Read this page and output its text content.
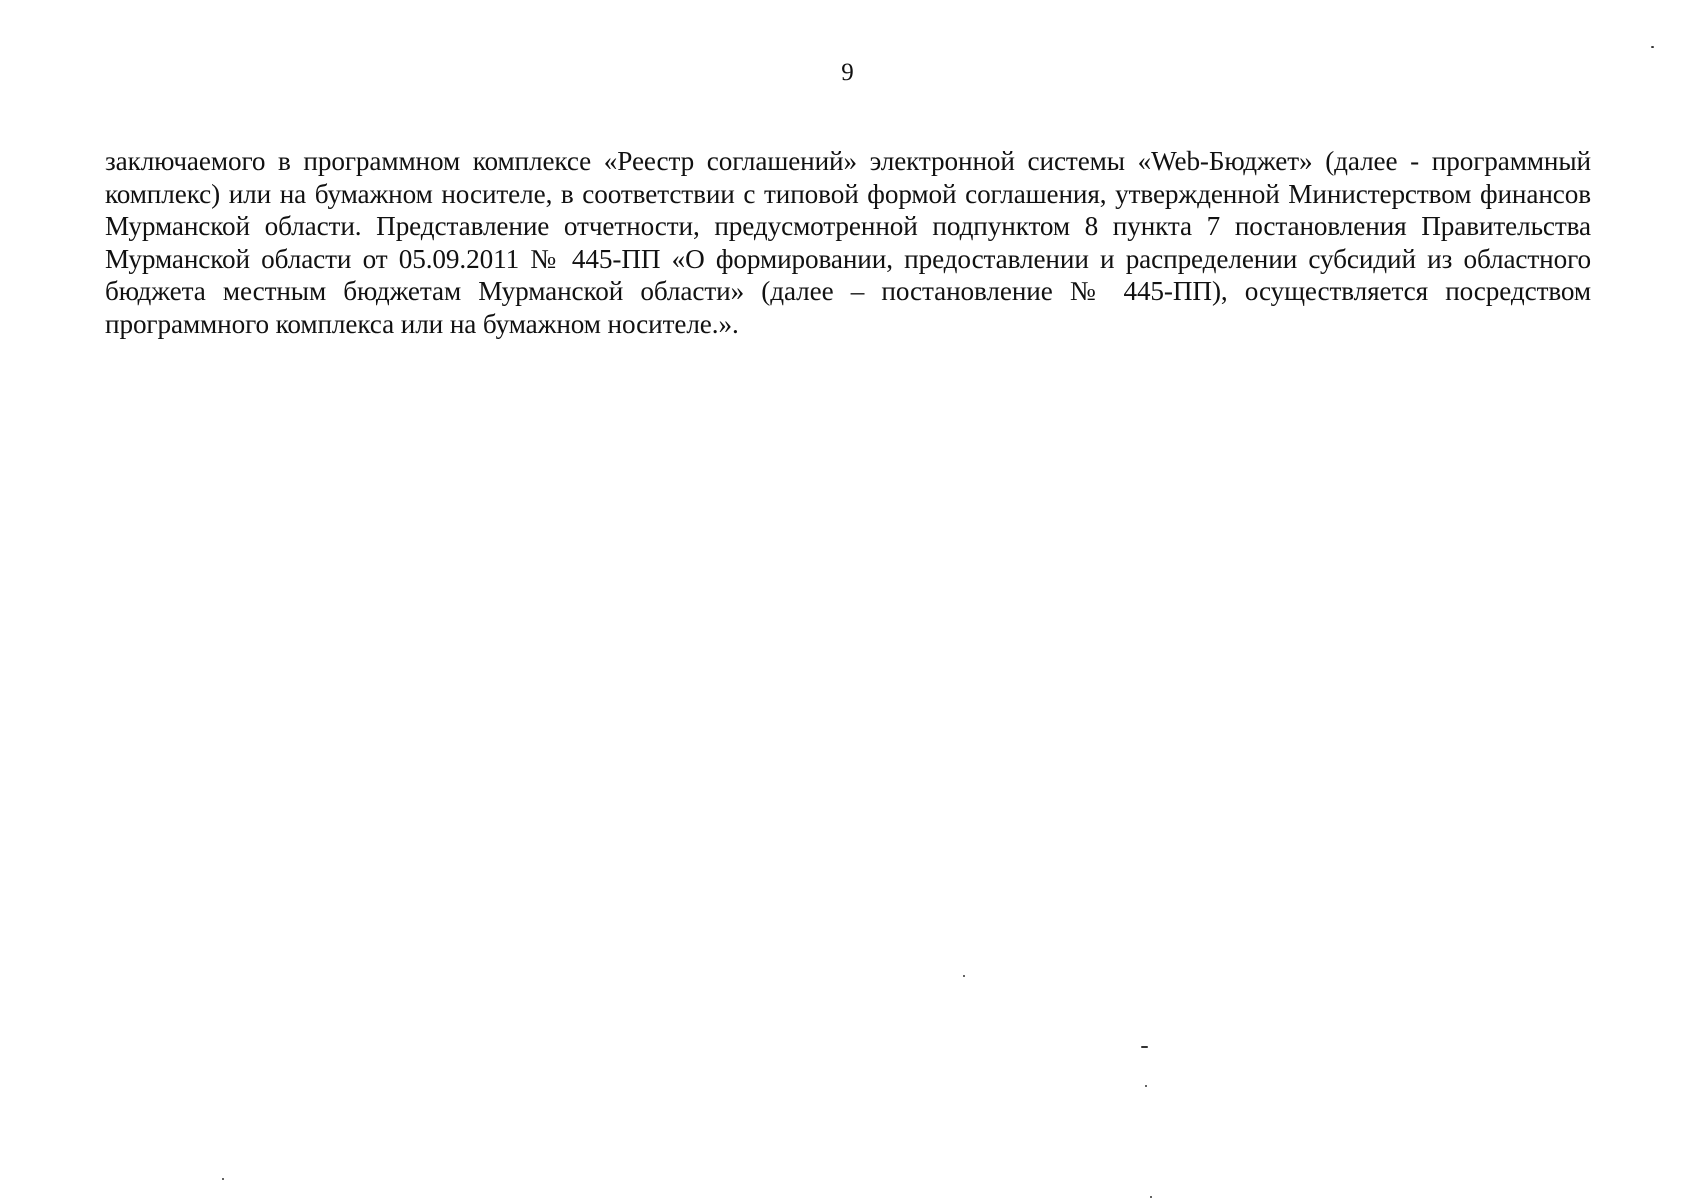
9

заключаемого в программном комплексе «Реестр соглашений» электронной системы «Web-Бюджет» (далее - программный комплекс) или на бумажном носителе, в соответствии с типовой формой соглашения, утвержденной Министерством финансов Мурманской области. Представление отчетности, предусмотренной подпунктом 8 пункта 7 постановления Правительства Мурманской области от 05.09.2011 № 445-ПП «О формировании, предоставлении и распределении субсидий из областного бюджета местным бюджетам Мурманской области» (далее – постановление № 445-ПП), осуществляется посредством программного комплекса или на бумажном носителе.».
